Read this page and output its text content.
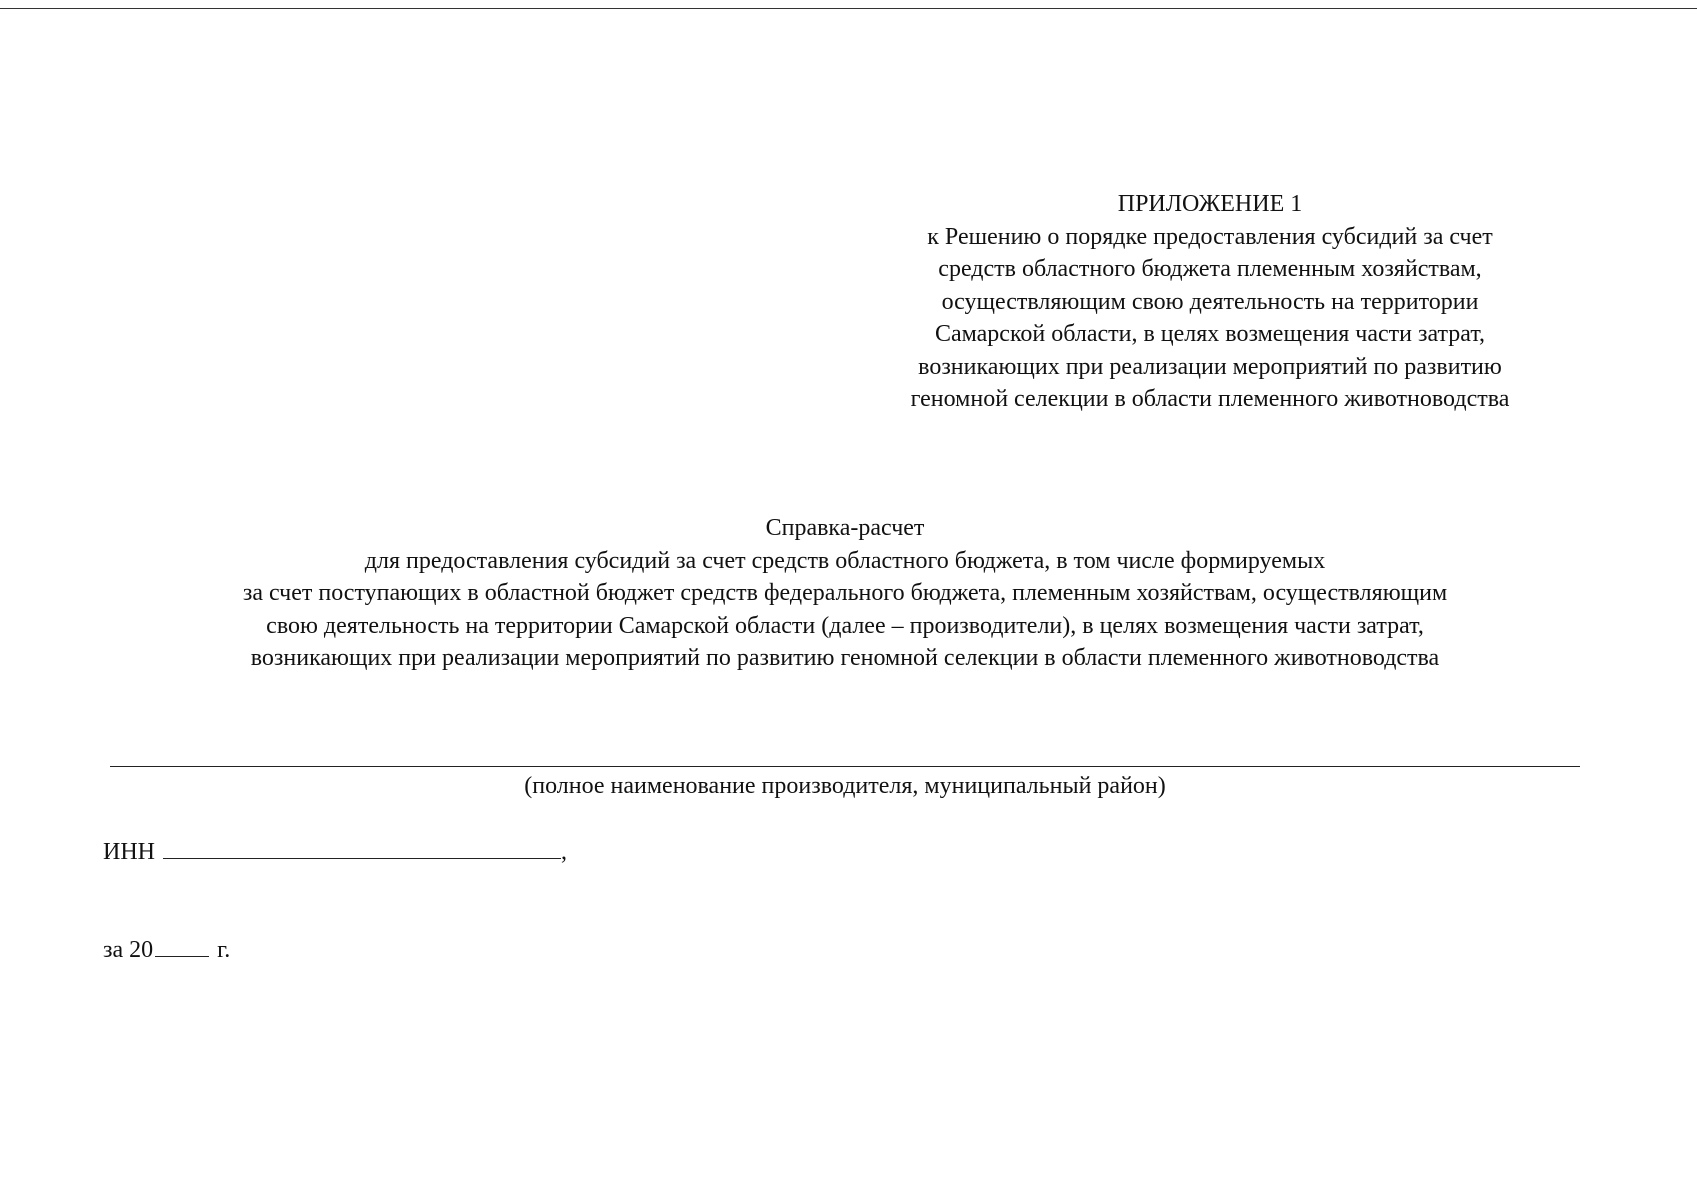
ПРИЛОЖЕНИЕ 1
к Решению о порядке предоставления субсидий за счет
средств областного бюджета племенным хозяйствам,
осуществляющим свою деятельность на территории
Самарской области, в целях возмещения части затрат,
возникающих при реализации мероприятий по развитию
геномной селекции в области племенного животноводства
Справка-расчет
для предоставления субсидий за счет средств областного бюджета, в том числе формируемых
за счет поступающих в областной бюджет средств федерального бюджета, племенным хозяйствам, осуществляющим
свою деятельность на территории Самарской области (далее – производители), в целях возмещения части затрат,
возникающих при реализации мероприятий по развитию геномной селекции в области племенного животноводства
(полное наименование производителя, муниципальный район)
ИНН	,
за 20	г.
